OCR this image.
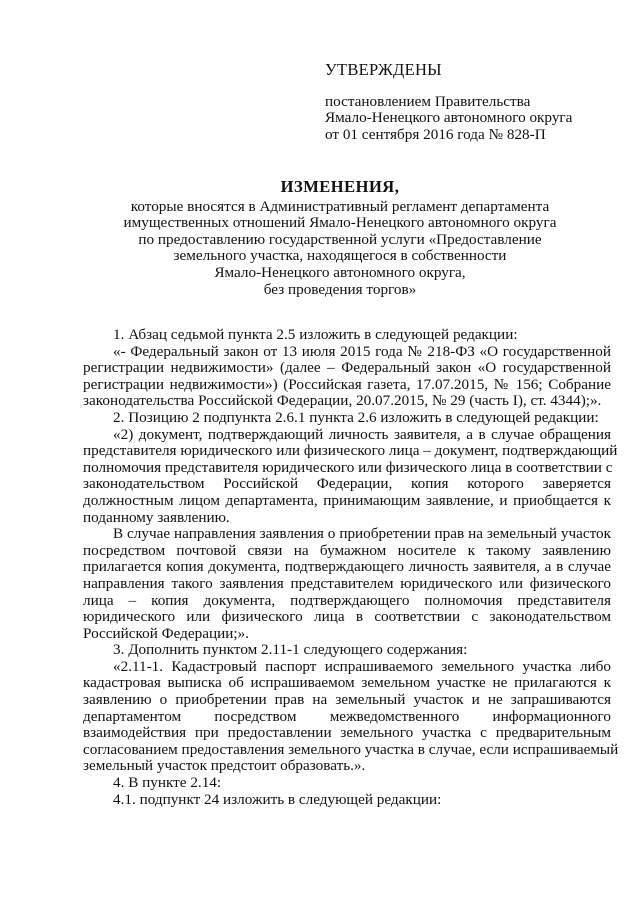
УТВЕРЖДЕНЫ
постановлением Правительства
Ямало-Ненецкого автономного округа
от 01 сентября 2016 года № 828-П
ИЗМЕНЕНИЯ,
которые вносятся в Административный регламент департамента
имущественных отношений Ямало-Ненецкого автономного округа
по предоставлению государственной услуги «Предоставление
земельного участка, находящегося в собственности
Ямало-Ненецкого автономного округа,
без проведения торгов»
1. Абзац седьмой пункта 2.5 изложить в следующей редакции:
«- Федеральный закон от 13 июля 2015 года № 218-ФЗ «О государственной
регистрации недвижимости» (далее – Федеральный закон «О государственной
регистрации недвижимости») (Российская газета, 17.07.2015, № 156; Собрание
законодательства Российской Федерации, 20.07.2015, № 29 (часть I), ст. 4344);».
2. Позицию 2 подпункта 2.6.1 пункта 2.6 изложить в следующей редакции:
«2) документ, подтверждающий личность заявителя, а в случае обращения
представителя юридического или физического лица – документ, подтверждающий
полномочия представителя юридического или физического лица в соответствии с
законодательством Российской Федерации, копия которого заверяется
должностным лицом департамента, принимающим заявление, и приобщается к
поданному заявлению.
В случае направления заявления о приобретении прав на земельный участок
посредством почтовой связи на бумажном носителе к такому заявлению
прилагается копия документа, подтверждающего личность заявителя, а в случае
направления такого заявления представителем юридического или физического
лица – копия документа, подтверждающего полномочия представителя
юридического или физического лица в соответствии с законодательством
Российской Федерации;».
3. Дополнить пунктом 2.11-1 следующего содержания:
«2.11-1. Кадастровый паспорт испрашиваемого земельного участка либо
кадастровая выписка об испрашиваемом земельном участке не прилагаются к
заявлению о приобретении прав на земельный участок и не запрашиваются
департаментом посредством межведомственного информационного
взаимодействия при предоставлении земельного участка с предварительным
согласованием предоставления земельного участка в случае, если испрашиваемый
земельный участок предстоит образовать.».
4. В пункте 2.14:
4.1. подпункт 24 изложить в следующей редакции:
